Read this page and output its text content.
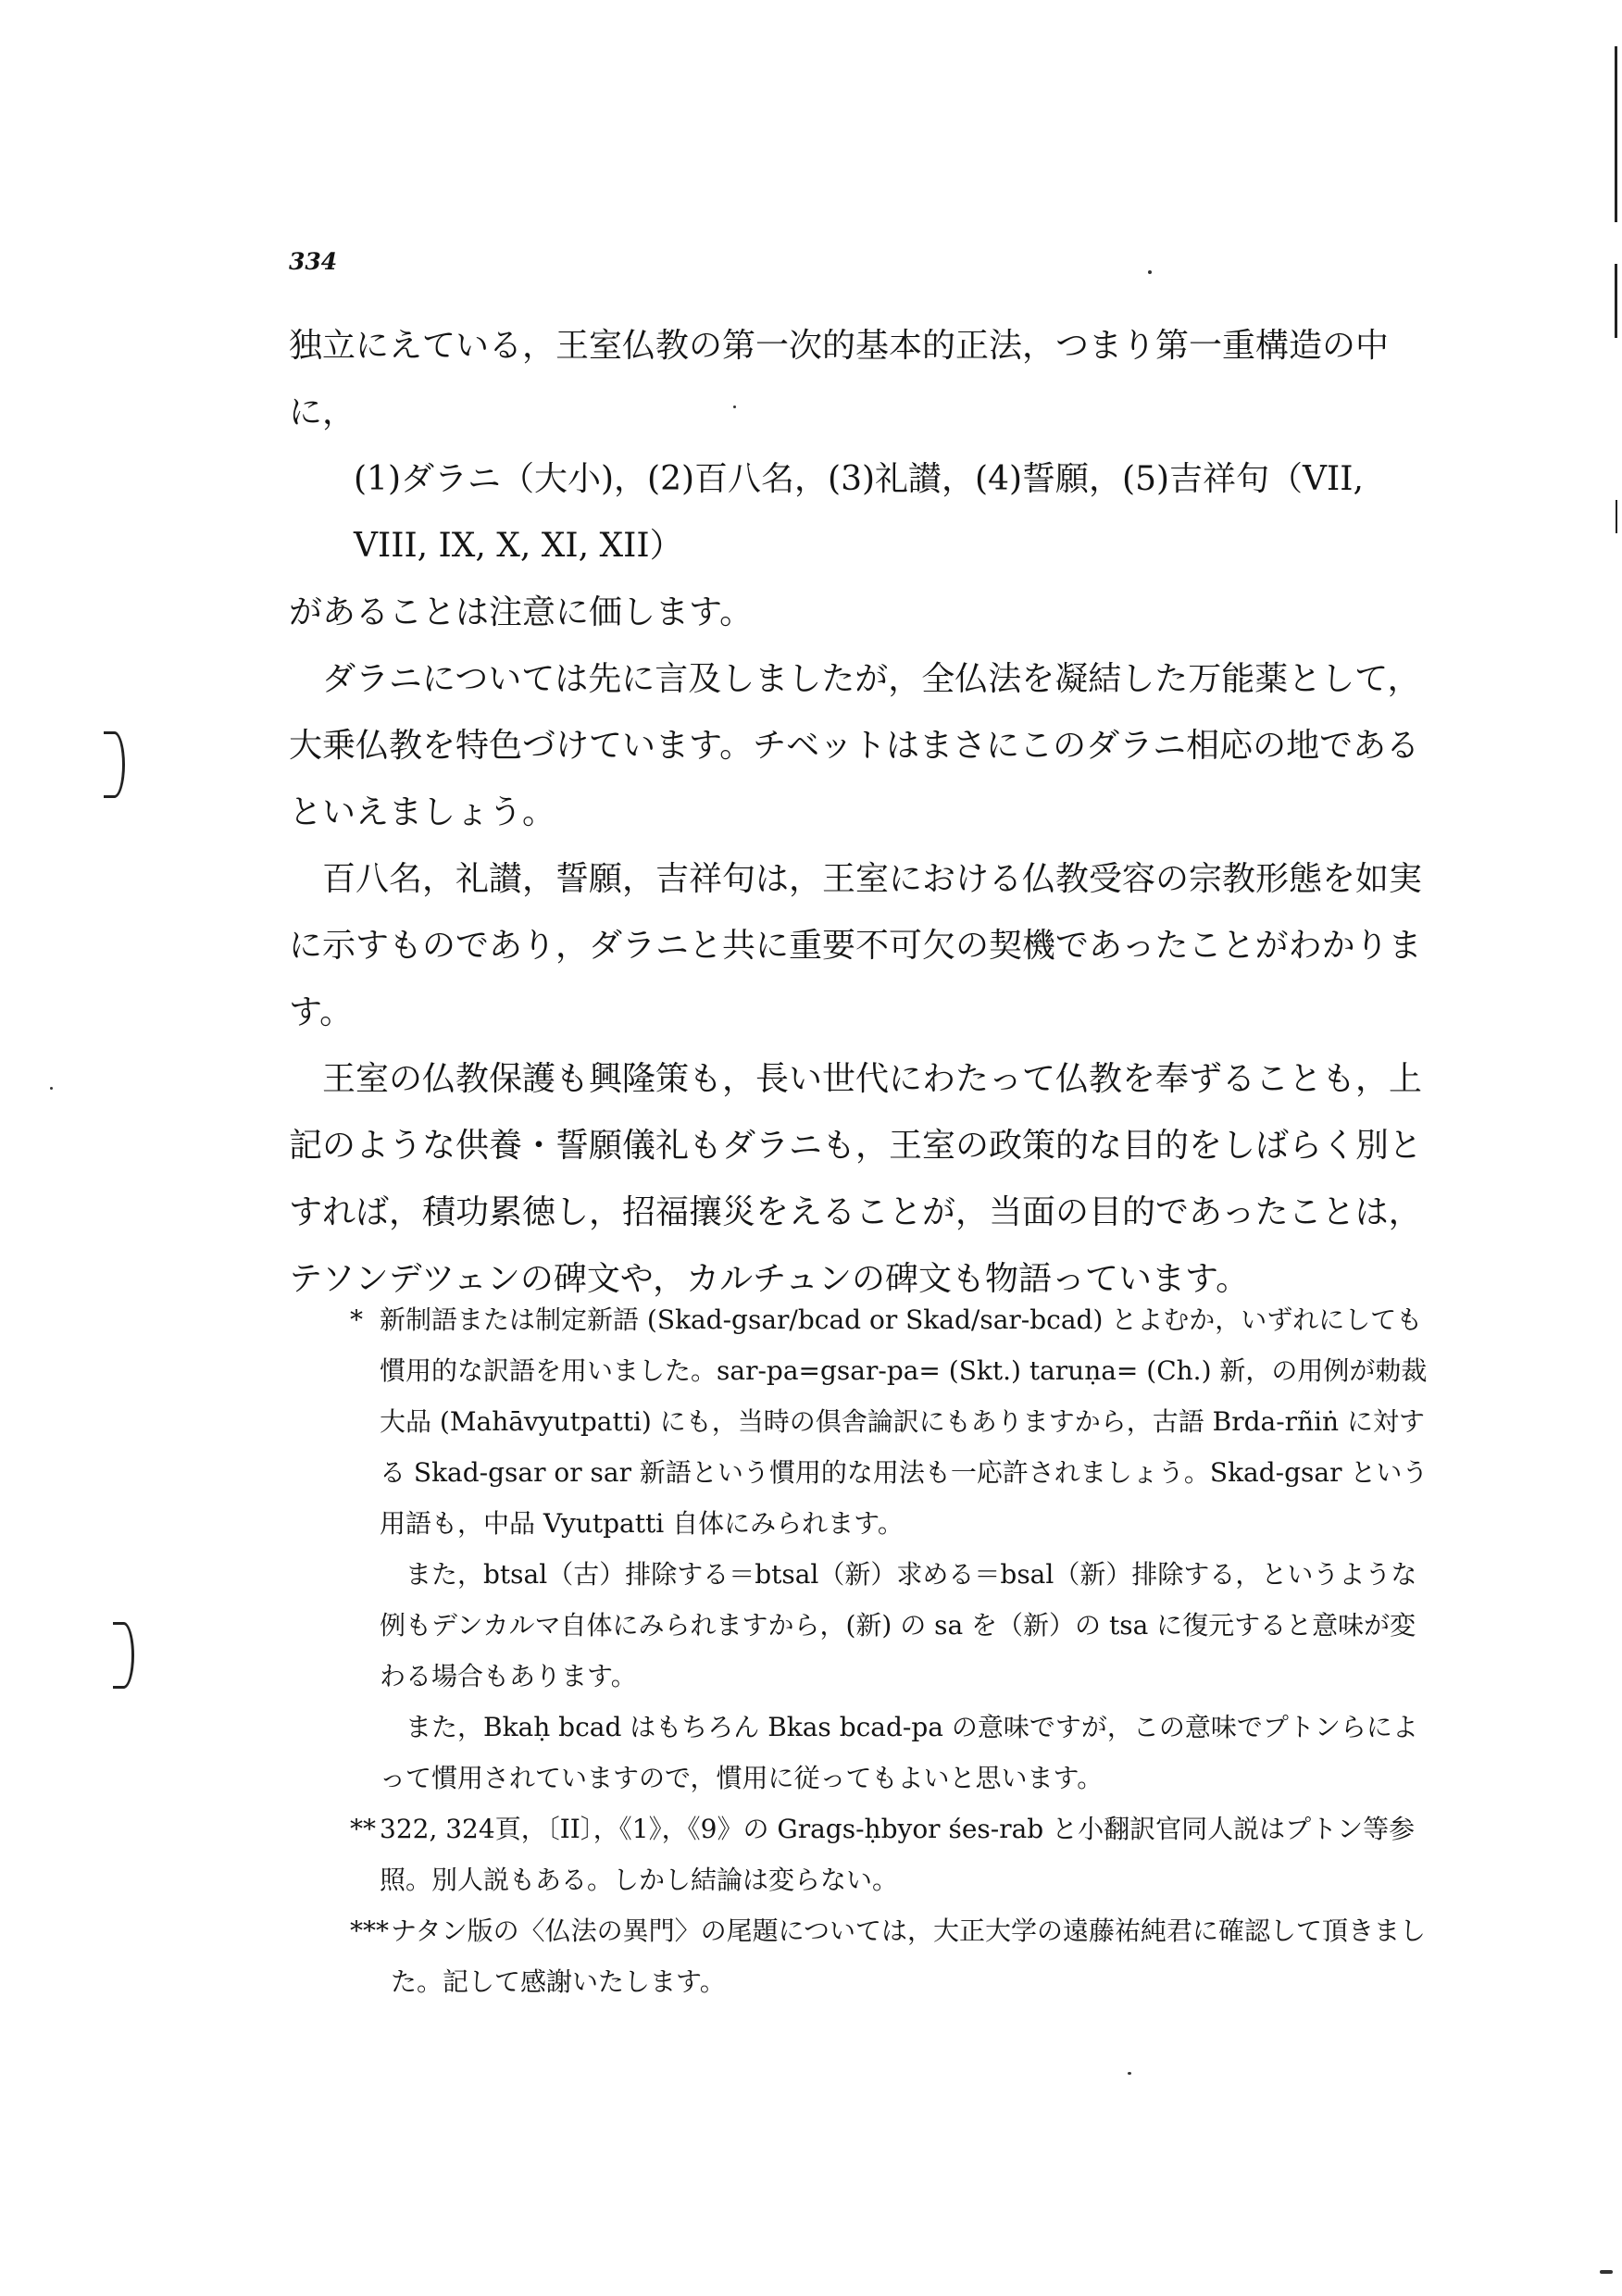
334

独立にえている，王室仏教の第一次的基本的正法，つまり第一重構造の中に，

(1)ダラニ（大小)，(2)百八名，(3)礼讃，(4)誓願，(5)吉祥句（VII, VIII, IX, X, XI, XII）

があることは注意に価します。

ダラニについては先に言及しましたが，全仏法を凝結した万能薬として，大乗仏教を特色づけています。チベットはまさにこのダラニ相応の地であるといえましょう。

百八名，礼讃，誓願，吉祥句は，王室における仏教受容の宗教形態を如実に示すものであり，ダラニと共に重要不可欠の契機であったことがわかります。

王室の仏教保護も興隆策も，長い世代にわたって仏教を奉ずることも，上記のような供養・誓願儀礼もダラニも，王室の政策的な目的をしばらく別とすれば，積功累徳し，招福攘災をえることが，当面の目的であったことは，テソンデツェンの碑文や，カルチュンの碑文も物語っています。

* 新制語または制定新語 (Skad-gsar/bcad or Skad/sar-bcad) とよむか，いずれにしても慣用的な訳語を用いました。sar-pa=gsar-pa= (Skt.) taruṇa= (Ch.) 新，の用例が勅裁大品 (Mahāvyutpatti) にも，当時の倶舎論訳にもありますから，古語 Brda-rñiṅ に対する Skad-gsar or sar 新語という慣用的な用法も一応許されましょう。Skad-gsar という用語も，中品 Vyutpatti 自体にみられます。

また，btsal（古）排除する＝btsal（新）求める＝bsal（新）排除する，というような例もデンカルマ自体にみられますから，(新) の sa を（新）の tsa に復元すると意味が変わる場合もあります。

また，Bkaḥ bcad はもちろん Bkas bcad-pa の意味ですが，この意味でプトンらによって慣用されていますので，慣用に従ってもよいと思います。

** 322, 324頁，〔II〕，《1》，《9》の Grags-ḥbyor śes-rab と小翻訳官同人説はプトン等参照。別人説もある。しかし結論は変らない。

***ナタン版の〈仏法の異門〉の尾題については，大正大学の遠藤祐純君に確認して頂きました。記して感謝いたします。
